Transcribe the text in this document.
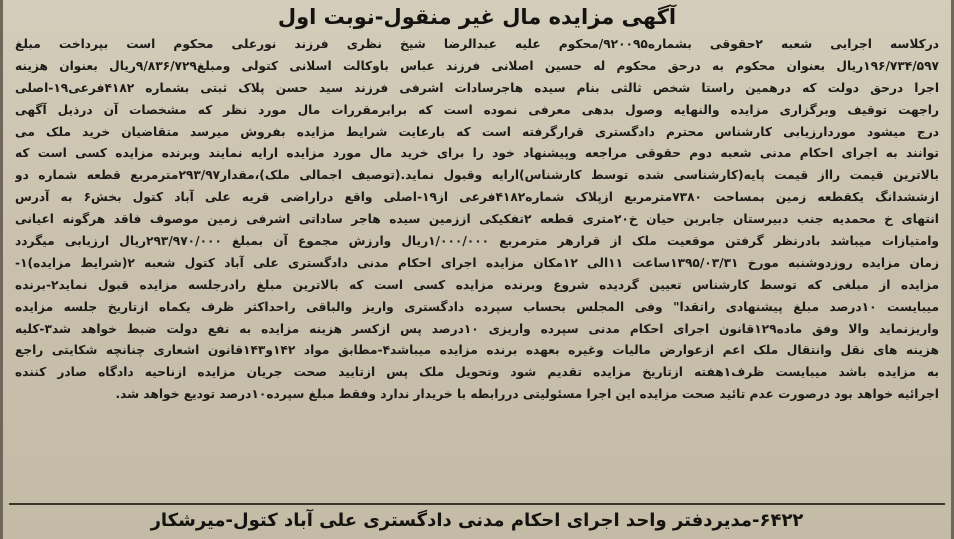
آگهی مزایده مال غیر منقول-نوبت اول
درکلاسه اجرایی شعبه ۲حقوقی بشماره۹۲۰۰۹۵/محکوم علیه عبدالرضا شیخ نظری فرزند نورعلی محکوم است بپرداخت مبلغ
۱۹۶/۷۳۴/۵۹۷ریال بعنوان محکوم به درحق محکوم له حسین اصلانی فرزند عباس باوکالت اسلانی کتولی ومبلغ۹/۸۳۶/۷۲۹ریال بعنوان هزینه
اجرا درحق دولت که درهمین راستا شخص ثالثی بنام سیده هاجرسادات اشرفی فرزند سید حسن پلاک ثبتی بشماره ۴۱۸۲فرعی۱۹-اصلی
راجهت توقیف وبرگزاری مزایده والنهایه وصول بدهی معرفی نموده است که برابرمقررات مال مورد نظر که مشخصات آن درذیل آگهی
درج میشود موردارزیابی کارشناس محترم دادگستری قرارگرفته است که بارعایت شرایط مزایده بفروش میرسد متقاضیان خرید ملک می
توانند به اجرای احکام مدنی شعبه دوم حقوقی مراجعه وپیشنهاد خود را برای خرید مال مورد مزایده ارایه نمایند وبرنده مزایده کسی است که
بالاترین قیمت رااز قیمت پایه(کارشناسی شده توسط کارشناس)ارایه وقبول نماید.(توصیف اجمالی ملک)،مقدار۲۹۳/۹۷مترمربع قطعه شماره دو
ازششدانگ یکقطعه زمین بمساحت ۷۳۸۰مترمربع ازپلاک شماره۴۱۸۲فرعی از۱۹-اصلی واقع دراراضی قریه علی آباد کتول بخش۶ به آدرس
انتهای خ محمدیه جنب دبیرستان جابربن حیان خ۲۰متری قطعه ۲تفکیکی اززمین سیده هاجر ساداتی اشرفی زمین موصوف فاقد هرگونه اعیانی
وامتیازات میباشد بادرنظر گرفتن موقعیت ملک از قرارهر مترمربع ۱/۰۰۰/۰۰۰ریال وارزش مجموع آن بمبلغ ۲۹۳/۹۷۰/۰۰۰ریال ارزیابی میگردد
زمان مزایده روزدوشنبه مورخ ۱۳۹۵/۰۳/۳۱ساعت ۱۱الی ۱۲مکان مزایده اجرای احکام مدنی دادگستری علی آباد کتول شعبه ۲(شرایط مزایده)۱-
مزایده از مبلغی که توسط کارشناس تعیین گردیده شروع وبرنده مزایده کسی است که بالاترین مبلغ رادرجلسه مزایده قبول نماید۲-برنده
میبایست ۱۰درصد مبلغ پیشنهادی راتقدا" وفی المجلس بحساب سپرده دادگستری واریز والباقی راحداکثر ظرف یکماه ازتاریخ جلسه مزایده
واریزنماید والا وفق ماده۱۲۹قانون اجرای احکام مدنی سپرده واریزی ۱۰درصد پس ازکسر هزینه مزایده به نفع دولت ضبط خواهد شد۳-کلیه
هزینه های نقل وانتقال ملک اعم ازعوارض مالیات وغیره بعهده برنده مزایده میباشد۴-مطابق مواد ۱۴۲و۱۴۳قانون اشعاری چنانچه شکایتی راجع
به مزایده باشد میبایست ظرف۱هفته ازتاریخ مزایده تقدیم شود وتحویل ملک پس ازتایید صحت جریان مزایده ازناحیه دادگاه صادر کننده
اجرائیه خواهد بود درصورت عدم تائید صحت مزایده این اجرا مسئولیتی دررابطه با خریدار ندارد وفقط مبلغ سپرده۱۰درصد تودیع خواهد شد.
۶۴۲۲-مدیردفتر واحد اجرای احکام مدنی دادگستری علی آباد کتول-میرشکار
